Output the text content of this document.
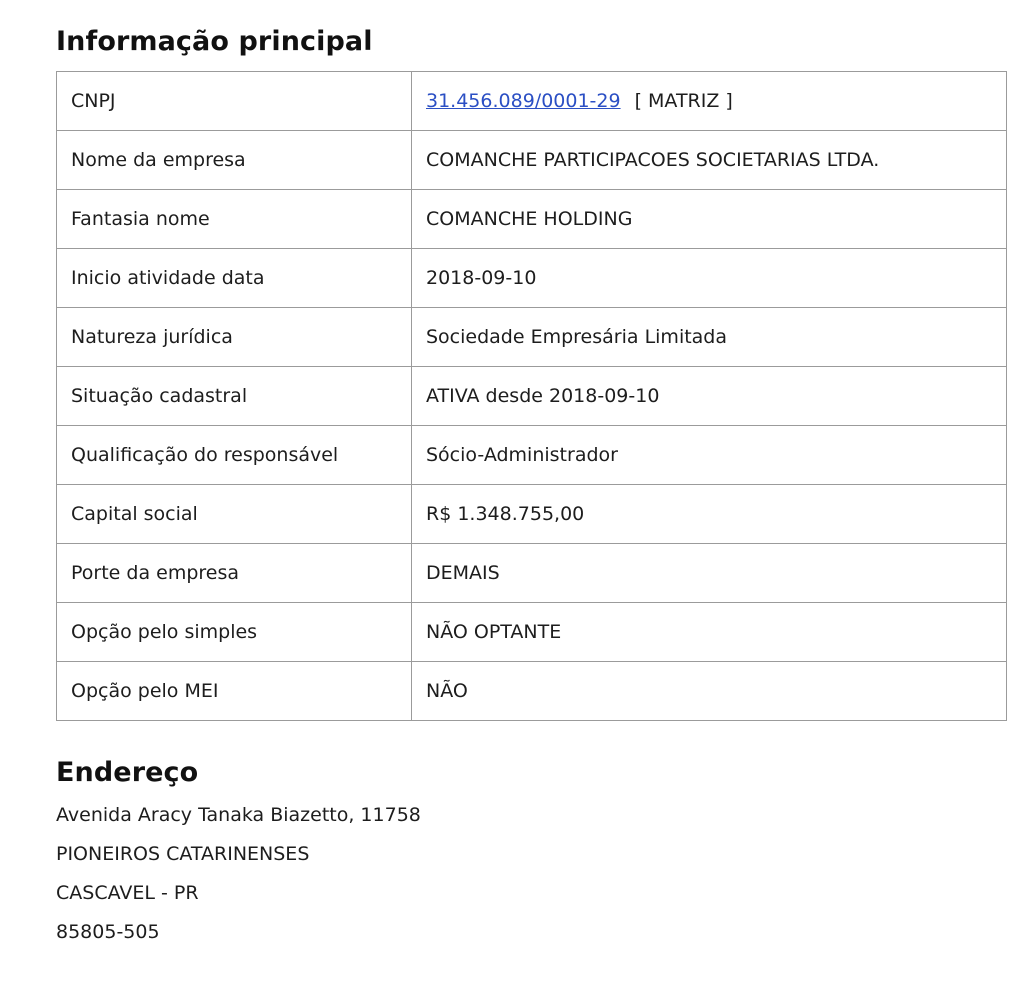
Informação principal
CNPJ	31.456.089/0001-29 [ MATRIZ ]
Nome da empresa	COMANCHE PARTICIPACOES SOCIETARIAS LTDA.
Fantasia nome	COMANCHE HOLDING
Inicio atividade data	2018-09-10
Natureza jurídica	Sociedade Empresária Limitada
Situação cadastral	ATIVA desde 2018-09-10
Qualificação do responsável	Sócio-Administrador
Capital social	R$ 1.348.755,00
Porte da empresa	DEMAIS
Opção pelo simples	NÃO OPTANTE
Opção pelo MEI	NÃO
Endereço

Avenida Aracy Tanaka Biazetto, 11758

PIONEIROS CATARINENSES

CASCAVEL - PR

85805-505
